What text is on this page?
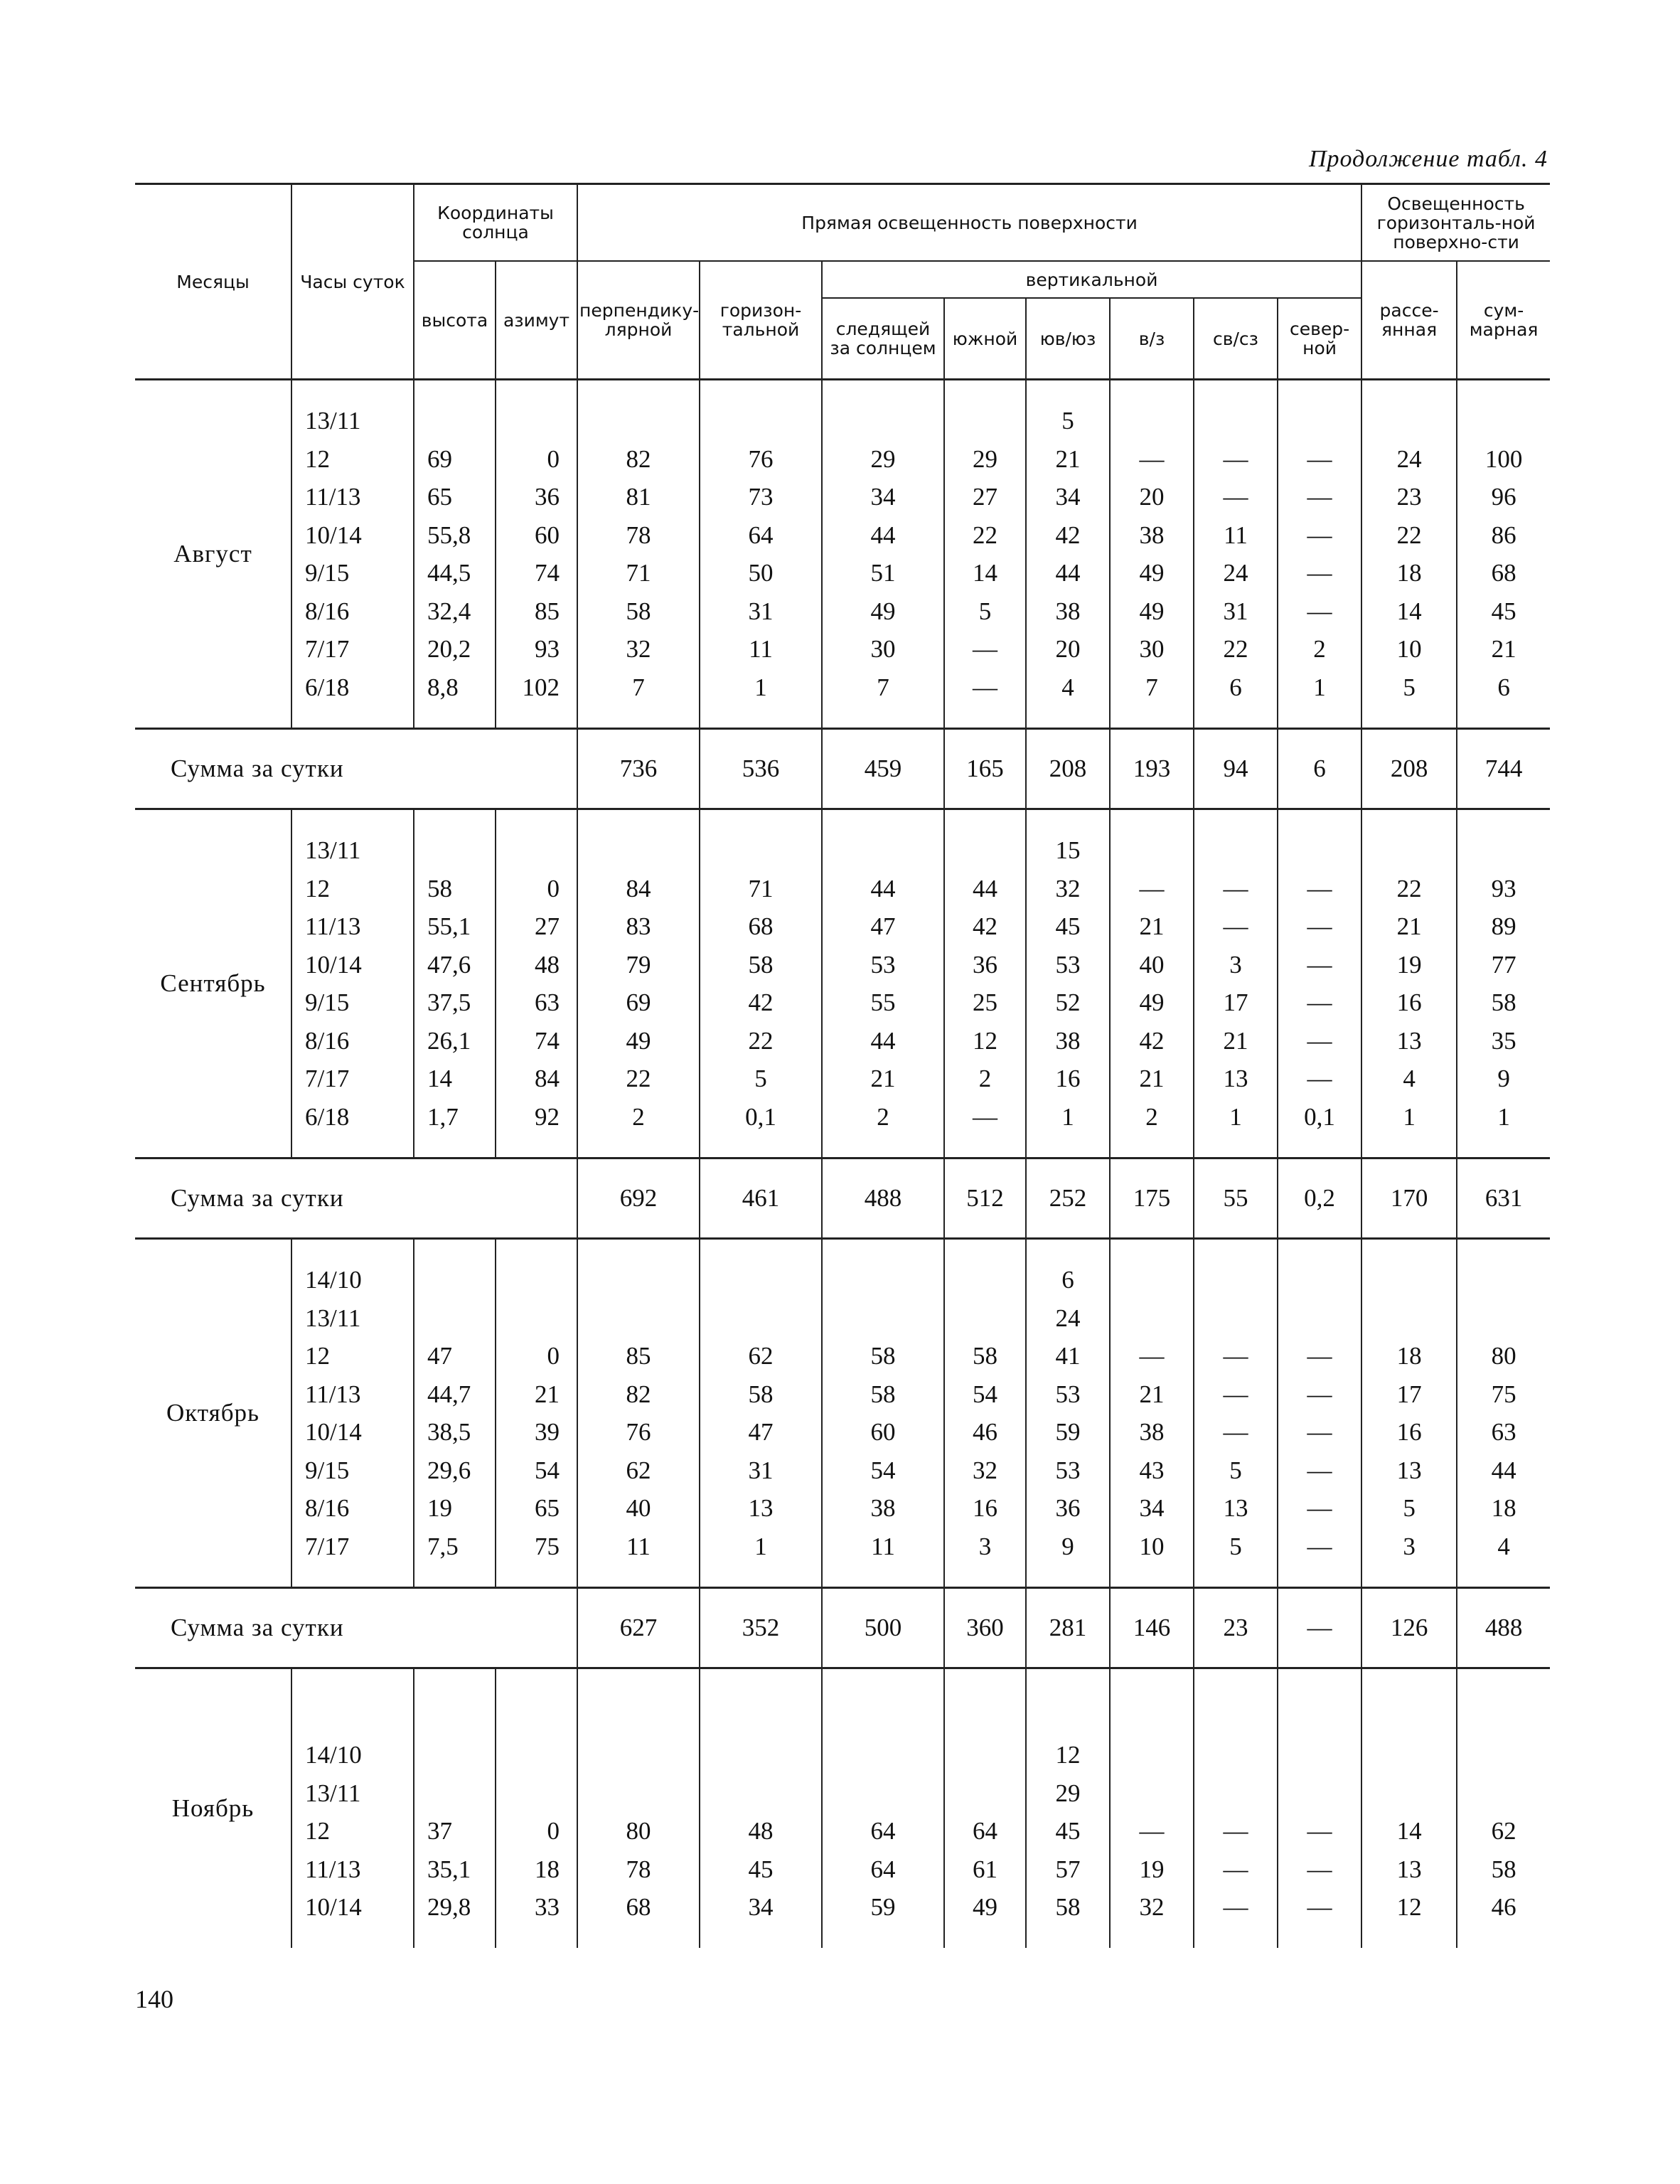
Продолжение табл. 4
Месяцы	Часы суток	Координаты солнца		Прямая освещенность поверхности								Освещенность горизонталь-ной поверхно-сти	
		высота	азимут	перпендику-лярной	горизон-тальной	вертикальной						рассе-янная	сум-марная
						следящей за солнцем	южной	юв/юз	в/з	св/сз	север-ной		
Август													
	13/11							5					
	12	69	0	82	76	29	29	21	—	—	—	24	100
	11/13	65	36	81	73	34	27	34	20	—	—	23	96
	10/14	55,8	60	78	64	44	22	42	38	11	—	22	86
	9/15	44,5	74	71	50	51	14	44	49	24	—	18	68
	8/16	32,4	85	58	31	49	5	38	49	31	—	14	45
	7/17	20,2	93	32	11	30	—	20	30	22	2	10	21
	6/18	8,8	102	7	1	7	—	4	7	6	1	5	6

Сумма за сутки				736	536	459	165	208	193	94	6	208	744
Сентябрь													
	13/11							15					
	12	58	0	84	71	44	44	32	—	—	—	22	93
	11/13	55,1	27	83	68	47	42	45	21	—	—	21	89
	10/14	47,6	48	79	58	53	36	53	40	3	—	19	77
	9/15	37,5	63	69	42	55	25	52	49	17	—	16	58
	8/16	26,1	74	49	22	44	12	38	42	21	—	13	35
	7/17	14	84	22	5	21	2	16	21	13	—	4	9
	6/18	1,7	92	2	0,1	2	—	1	2	1	0,1	1	1

Сумма за сутки				692	461	488	512	252	175	55	0,2	170	631
Октябрь													
	14/10							6					
	13/11							24					
	12	47	0	85	62	58	58	41	—	—	—	18	80
	11/13	44,7	21	82	58	58	54	53	21	—	—	17	75
	10/14	38,5	39	76	47	60	46	59	38	—	—	16	63
	9/15	29,6	54	62	31	54	32	53	43	5	—	13	44
	8/16	19	65	40	13	38	16	36	34	13	—	5	18
	7/17	7,5	75	11	1	11	3	9	10	5	—	3	4

Сумма за сутки				627	352	500	360	281	146	23	—	126	488
Ноябрь													
	14/10							12					
	13/11							29					
	12	37	0	80	48	64	64	45	—	—	—	14	62
	11/13	35,1	18	78	45	64	61	57	19	—	—	13	58
	10/14	29,8	33	68	34	59	49	58	32	—	—	12	46

140
